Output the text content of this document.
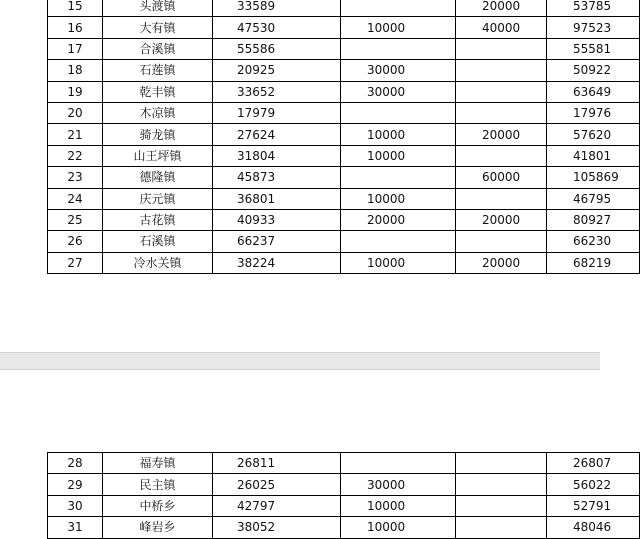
15	头渡镇	33589		20000	53785
16	大有镇	47530	10000	40000	97523
17	合溪镇	55586			55581
18	石莲镇	20925	30000		50922
19	乾丰镇	33652	30000		63649
20	木凉镇	17979			17976
21	骑龙镇	27624	10000	20000	57620
22	山王坪镇	31804	10000		41801
23	德隆镇	45873		60000	105869
24	庆元镇	36801	10000		46795
25	古花镇	40933	20000	20000	80927
26	石溪镇	66237			66230
27	冷水关镇	38224	10000	20000	68219
28	福寿镇	26811			26807
29	民主镇	26025	30000		56022
30	中桥乡	42797	10000		52791
31	峰岩乡	38052	10000		48046
